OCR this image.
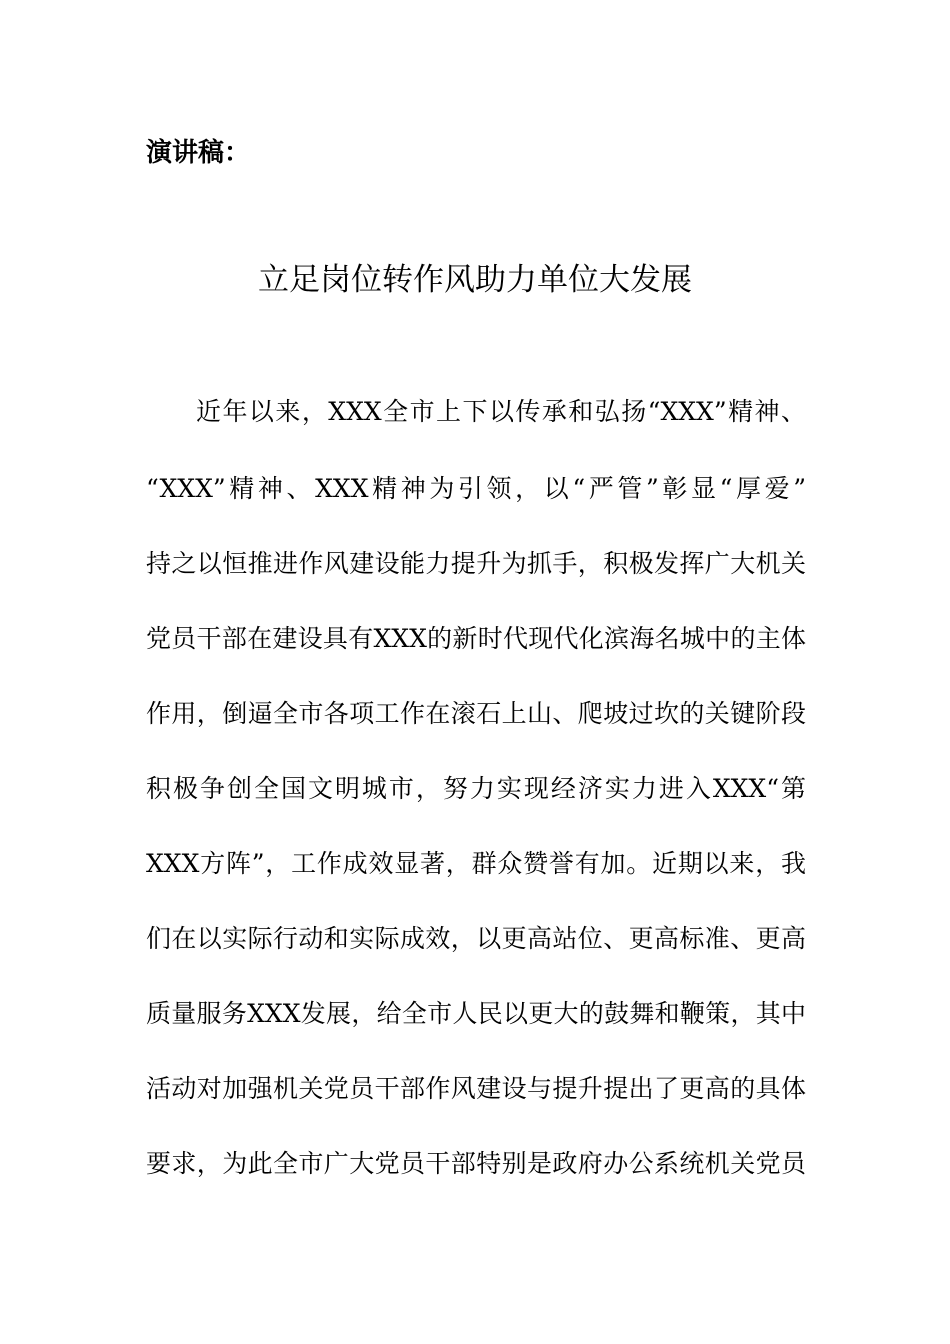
演讲稿：
立足岗位转作风助力单位大发展
近年以来，XXX全市上下以传承和弘扬“XXX”精神、
“XXX”精神、XXX精神为引领，以“严管”彰显“厚爱”
持之以恒推进作风建设能力提升为抓手，积极发挥广大机关
党员干部在建设具有XXX的新时代现代化滨海名城中的主体
作用，倒逼全市各项工作在滚石上山、爬坡过坎的关键阶段
积极争创全国文明城市，努力实现经济实力进入XXX“第
XXX方阵”，工作成效显著，群众赞誉有加。近期以来，我
们在以实际行动和实际成效，以更高站位、更高标准、更高
质量服务XXX发展，给全市人民以更大的鼓舞和鞭策，其中
活动对加强机关党员干部作风建设与提升提出了更高的具体
要求，为此全市广大党员干部特别是政府办公系统机关党员
